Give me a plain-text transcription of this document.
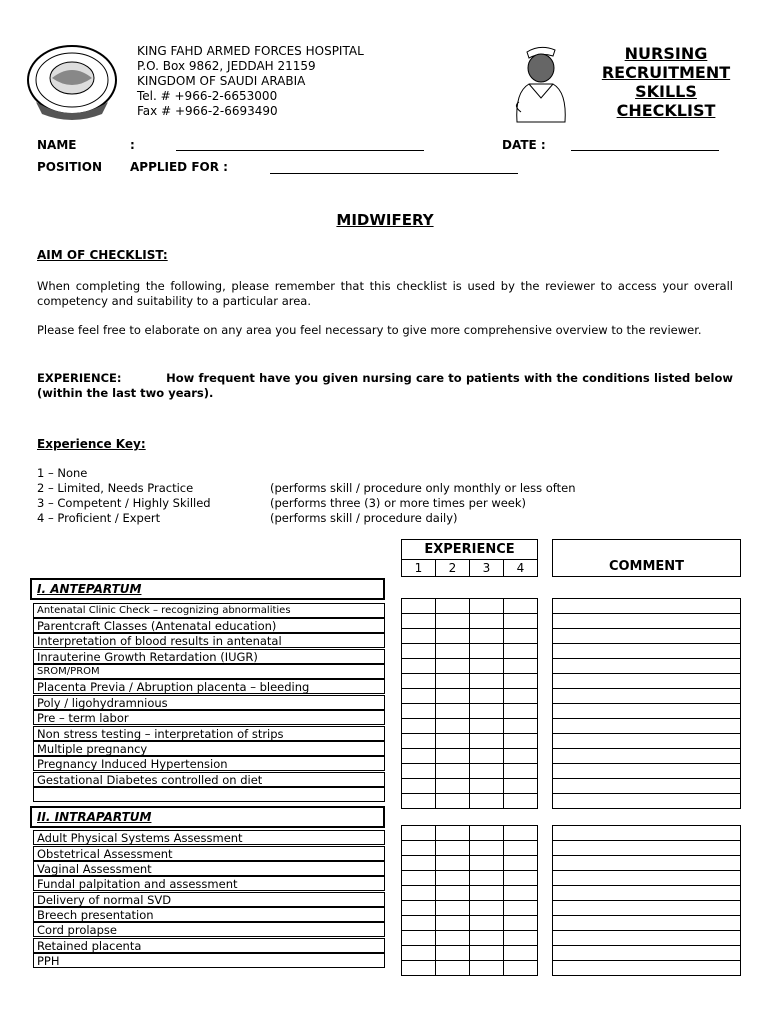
KING FAHD ARMED FORCES HOSPITAL
P.O. Box 9862, JEDDAH 21159
KINGDOM OF SAUDI ARABIA
Tel. # +966-2-6653000
Fax # +966-2-6693490
NURSING
RECRUITMENT
SKILLS
CHECKLIST
NAME	:	DATE :
POSITION APPLIED FOR :
MIDWIFERY
AIM OF CHECKLIST:
When completing the following, please remember that this checklist is used by the reviewer to access your overall competency and suitability to a particular area.
Please feel free to elaborate on any area you feel necessary to give more comprehensive overview to the reviewer.
EXPERIENCE:	How frequent have you given nursing care to patients with the conditions listed below (within the last two years).
Experience Key:
1 – None
2 – Limited, Needs Practice	(performs skill / procedure only monthly or less often
3 – Competent / Highly Skilled	(performs three (3) or more times per week)
4 – Proficient / Expert	(performs skill / procedure daily)
EXPERIENCE
1	2	3	4	COMMENT
I. ANTEPARTUM
Antenatal Clinic Check – recognizing abnormalities
Parentcraft Classes (Antenatal education)
Interpretation of blood results in antenatal
Inrauterine Growth Retardation (IUGR)
SROM/PROM
Placenta Previa / Abruption placenta – bleeding
Poly / ligohydramnious
Pre – term labor
Non stress testing – interpretation of strips
Multiple pregnancy
Pregnancy Induced Hypertension
Gestational Diabetes controlled on diet

II. INTRAPARTUM
Adult Physical Systems Assessment
Obstetrical Assessment
Vaginal Assessment
Fundal palpitation and assessment
Delivery of normal SVD
Breech presentation
Cord prolapse
Retained placenta
PPH
